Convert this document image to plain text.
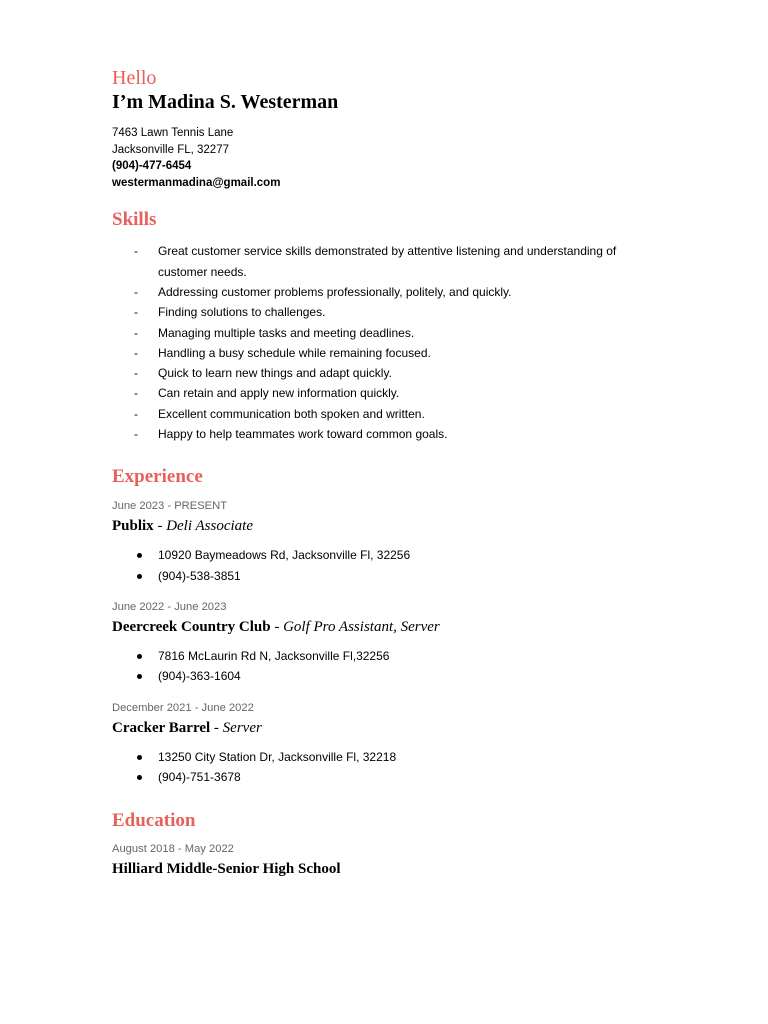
Hello

I’m Madina S. Westerman

7463 Lawn Tennis Lane
Jacksonville FL, 32277
(904)-477-6454
westermanmadina@gmail.com
Skills
- Great customer service skills demonstrated by attentive listening and understanding of customer needs.
- Addressing customer problems professionally, politely, and quickly.
- Finding solutions to challenges.
- Managing multiple tasks and meeting deadlines.
- Handling a busy schedule while remaining focused.
- Quick to learn new things and adapt quickly.
- Can retain and apply new information quickly.
- Excellent communication both spoken and written.
- Happy to help teammates work toward common goals.
Experience
June 2023 - PRESENT
Publix - Deli Associate
10920 Baymeadows Rd, Jacksonville Fl, 32256
(904)-538-3851
June 2022 - June 2023
Deercreek Country Club - Golf Pro Assistant, Server
7816 McLaurin Rd N, Jacksonville Fl,32256
(904)-363-1604
December 2021 - June 2022
Cracker Barrel - Server
13250 City Station Dr, Jacksonville Fl, 32218
(904)-751-3678
Education
August 2018 - May 2022
Hilliard Middle-Senior High School
